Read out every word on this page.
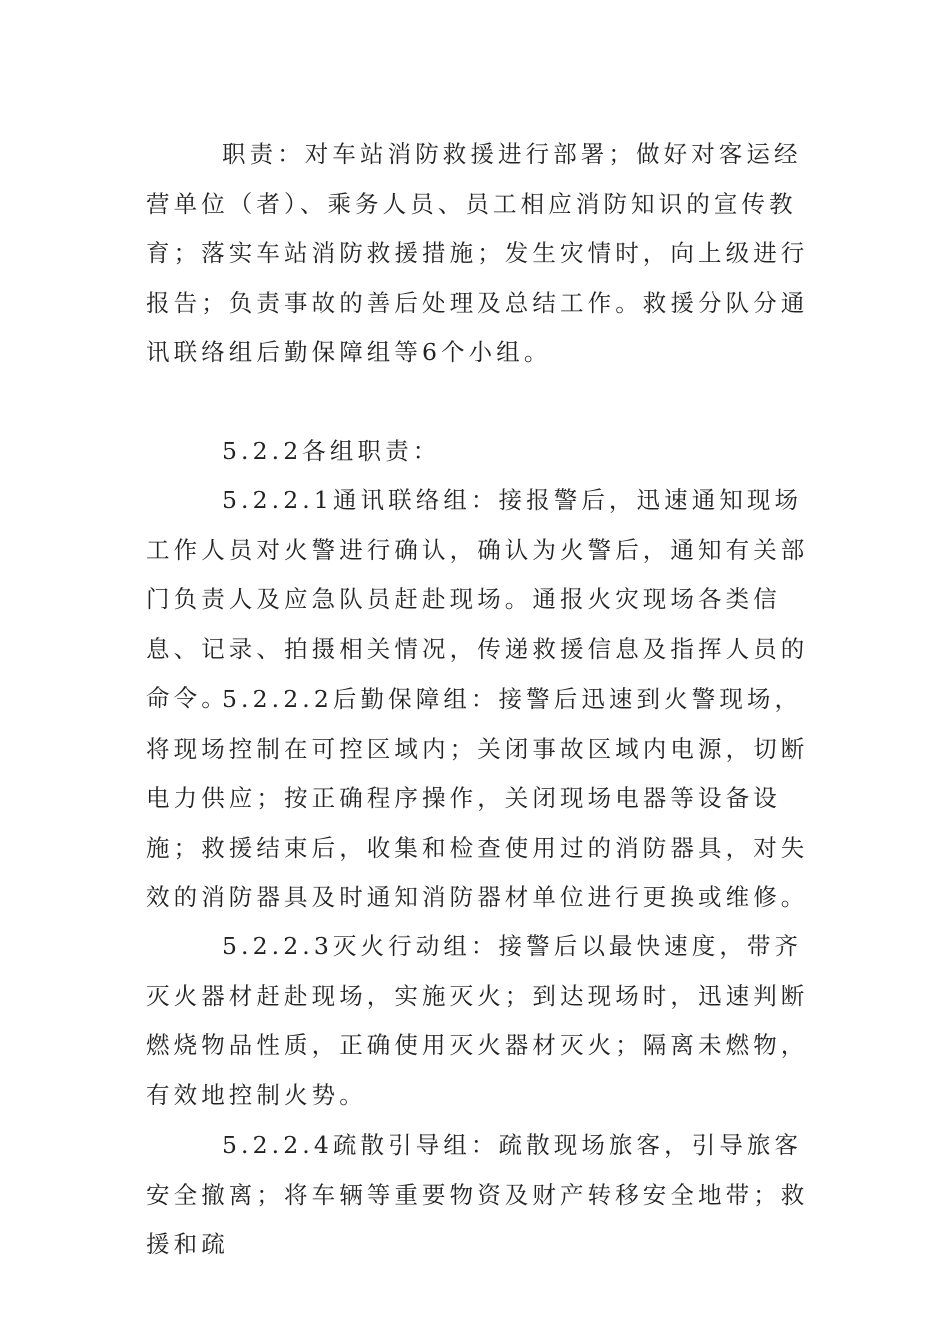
职责：对车站消防救援进行部署；做好对客运经营单位（者）、乘务人员、员工相应消防知识的宣传教育；落实车站消防救援措施；发生灾情时，向上级进行报告；负责事故的善后处理及总结工作。救援分队分通讯联络组后勤保障组等6个小组。

5.2.2各组职责：

5.2.2.1通讯联络组：接报警后，迅速通知现场工作人员对火警进行确认，确认为火警后，通知有关部门负责人及应急队员赶赴现场。通报火灾现场各类信息、记录、拍摄相关情况，传递救援信息及指挥人员的命令。

5.2.2.2后勤保障组：接警后迅速到火警现场，将现场控制在可控区域内；关闭事故区域内电源，切断电力供应；按正确程序操作，关闭现场电器等设备设施；救援结束后，收集和检查使用过的消防器具，对失效的消防器具及时通知消防器材单位进行更换或维修。

5.2.2.3灭火行动组：接警后以最快速度，带齐灭火器材赶赴现场，实施灭火；到达现场时，迅速判断燃烧物品性质，正确使用灭火器材灭火；隔离未燃物，有效地控制火势。

5.2.2.4疏散引导组：疏散现场旅客，引导旅客安全撤离；将车辆等重要物资及财产转移安全地带；救援和疏
